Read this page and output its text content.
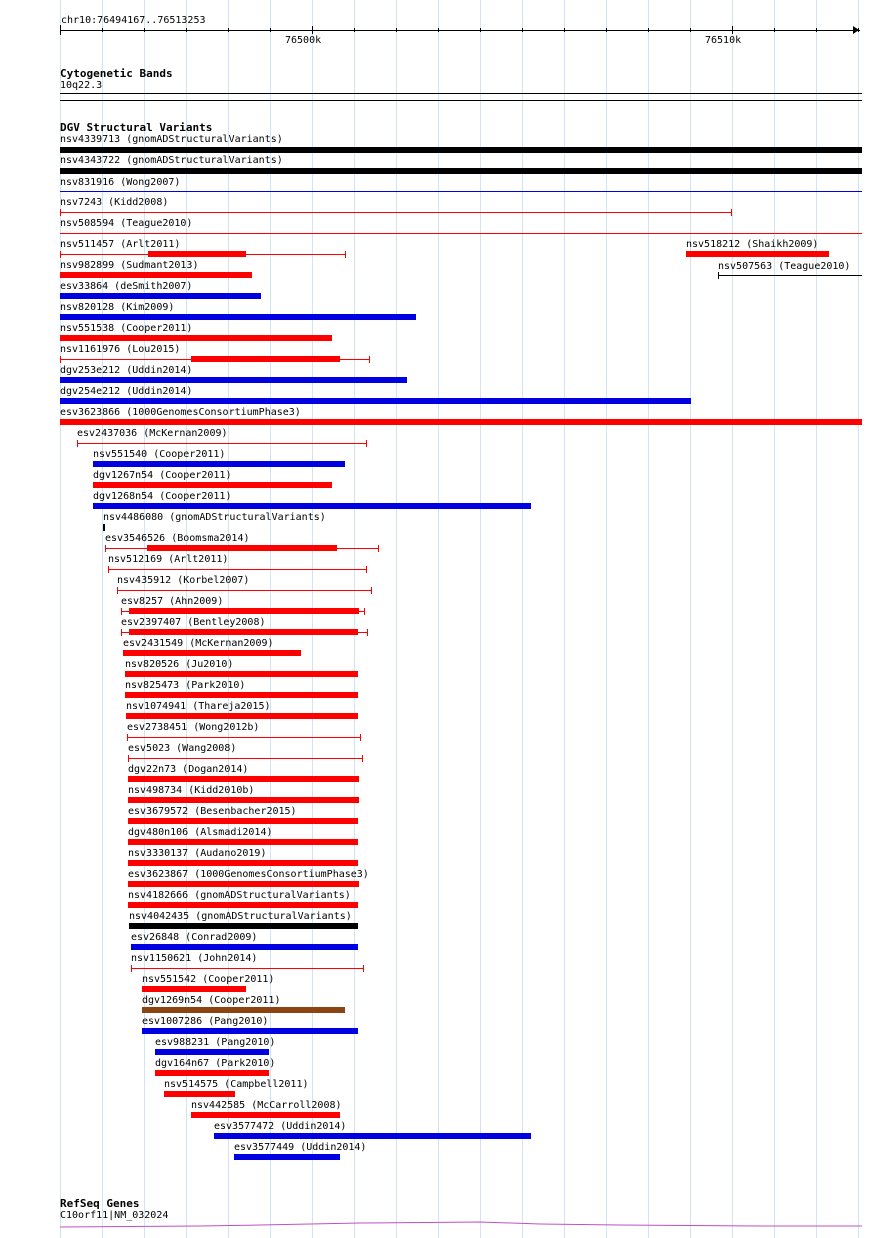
chr10:76494167..76513253
76500k	76510k
Cytogenetic Bands
10q22.3
DGV Structural Variants
nsv4339713 (gnomADStructuralVariants)
nsv4343722 (gnomADStructuralVariants)
nsv831916 (Wong2007)
nsv7243 (Kidd2008)
nsv508594 (Teague2010)
nsv511457 (Arlt2011)	nsv518212 (Shaikh2009)
nsv982899 (Sudmant2013)	nsv507563 (Teague2010)
esv33864 (deSmith2007)
nsv820128 (Kim2009)
nsv551538 (Cooper2011)
nsv1161976 (Lou2015)
dgv253e212 (Uddin2014)
dgv254e212 (Uddin2014)
esv3623866 (1000GenomesConsortiumPhase3)
esv2437036 (McKernan2009)
nsv551540 (Cooper2011)
dgv1267n54 (Cooper2011)
dgv1268n54 (Cooper2011)
nsv4486080 (gnomADStructuralVariants)
esv3546526 (Boomsma2014)
nsv512169 (Arlt2011)
nsv435912 (Korbel2007)
esv8257 (Ahn2009)
esv2397407 (Bentley2008)
esv2431549 (McKernan2009)
nsv820526 (Ju2010)
nsv825473 (Park2010)
nsv1074941 (Thareja2015)
esv2738451 (Wong2012b)
esv5023 (Wang2008)
dgv22n73 (Dogan2014)
nsv498734 (Kidd2010b)
esv3679572 (Besenbacher2015)
dgv480n106 (Alsmadi2014)
nsv3330137 (Audano2019)
esv3623867 (1000GenomesConsortiumPhase3)
nsv4182666 (gnomADStructuralVariants)
nsv4042435 (gnomADStructuralVariants)
esv26848 (Conrad2009)
nsv1150621 (John2014)
nsv551542 (Cooper2011)
dgv1269n54 (Cooper2011)
esv1007286 (Pang2010)
esv988231 (Pang2010)
dgv164n67 (Park2010)
nsv514575 (Campbell2011)
nsv442585 (McCarroll2008)
esv3577472 (Uddin2014)
esv3577449 (Uddin2014)
RefSeq Genes
C10orf11|NM_032024
